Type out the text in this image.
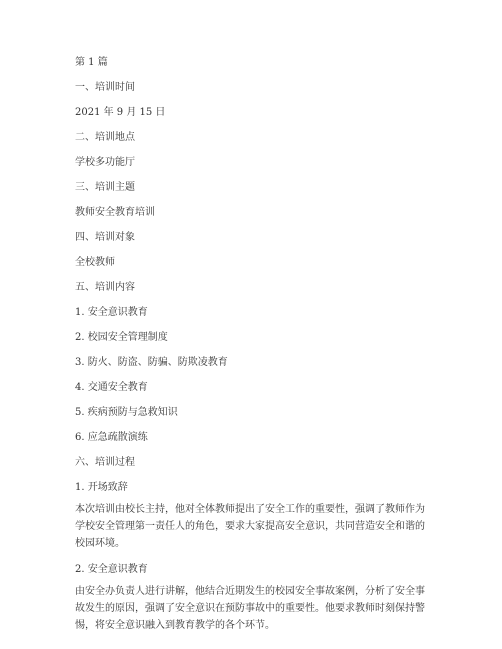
第 1 篇
一、培训时间
2021 年 9 月 15 日
二、培训地点
学校多功能厅
三、培训主题
教师安全教育培训
四、培训对象
全校教师
五、培训内容
1. 安全意识教育
2. 校园安全管理制度
3. 防火、防盗、防骗、防欺凌教育
4. 交通安全教育
5. 疾病预防与急救知识
6. 应急疏散演练
六、培训过程
1. 开场致辞
本次培训由校长主持，他对全体教师提出了安全工作的重要性，强调了教师作为学校安全管理第一责任人的角色，要求大家提高安全意识，共同营造安全和谐的校园环境。
2. 安全意识教育
由安全办负责人进行讲解，他结合近期发生的校园安全事故案例，分析了安全事故发生的原因，强调了安全意识在预防事故中的重要性。他要求教师时刻保持警惕，将安全意识融入到教育教学的各个环节。
